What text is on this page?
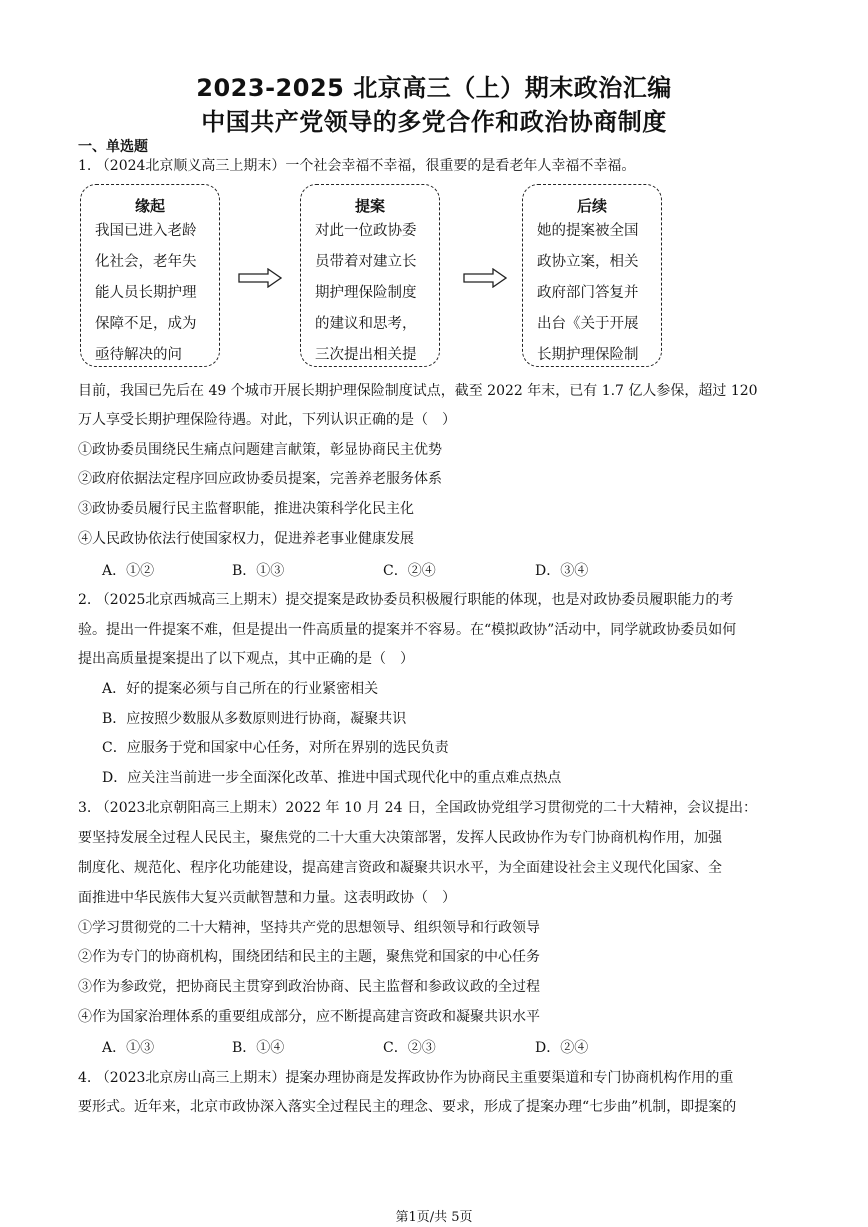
2023-2025 北京高三（上）期末政治汇编
中国共产党领导的多党合作和政治协商制度
一、单选题
1. （2024北京顺义高三上期末）一个社会幸福不幸福，很重要的是看老年人幸福不幸福。
缘起
我国已进入老龄
化社会，老年失
能人员长期护理
保障不足，成为
亟待解决的问
提案
对此一位政协委
员带着对建立长
期护理保险制度
的建议和思考，
三次提出相关提
后续
她的提案被全国
政协立案，相关
政府部门答复并
出台《关于开展
长期护理保险制
目前，我国已先后在 49 个城市开展长期护理保险制度试点，截至 2022 年末，已有 1.7 亿人参保，超过 120
万人享受长期护理保险待遇。对此，下列认识正确的是（　）
①政协委员围绕民生痛点问题建言献策，彰显协商民主优势
②政府依据法定程序回应政协委员提案，完善养老服务体系
③政协委员履行民主监督职能，推进决策科学化民主化
④人民政协依法行使国家权力，促进养老事业健康发展
A．①②	B．①③	C．②④	D．③④
2. （2025北京西城高三上期末）提交提案是政协委员积极履行职能的体现，也是对政协委员履职能力的考
验。提出一件提案不难，但是提出一件高质量的提案并不容易。在“模拟政协”活动中，同学就政协委员如何
提出高质量提案提出了以下观点，其中正确的是（　）
A．好的提案必须与自己所在的行业紧密相关
B．应按照少数服从多数原则进行协商，凝聚共识
C．应服务于党和国家中心任务，对所在界别的选民负责
D．应关注当前进一步全面深化改革、推进中国式现代化中的重点难点热点
3. （2023北京朝阳高三上期末）2022 年 10 月 24 日，全国政协党组学习贯彻党的二十大精神，会议提出：
要坚持发展全过程人民民主，聚焦党的二十大重大决策部署，发挥人民政协作为专门协商机构作用，加强
制度化、规范化、程序化功能建设，提高建言资政和凝聚共识水平，为全面建设社会主义现代化国家、全
面推进中华民族伟大复兴贡献智慧和力量。这表明政协（　）
①学习贯彻党的二十大精神，坚持共产党的思想领导、组织领导和行政领导
②作为专门的协商机构，围绕团结和民主的主题，聚焦党和国家的中心任务
③作为参政党，把协商民主贯穿到政治协商、民主监督和参政议政的全过程
④作为国家治理体系的重要组成部分，应不断提高建言资政和凝聚共识水平
A．①③	B．①④	C．②③	D．②④
4. （2023北京房山高三上期末）提案办理协商是发挥政协作为协商民主重要渠道和专门协商机构作用的重
要形式。近年来，北京市政协深入落实全过程民主的理念、要求，形成了提案办理“七步曲”机制，即提案的
第1页/共 5页
